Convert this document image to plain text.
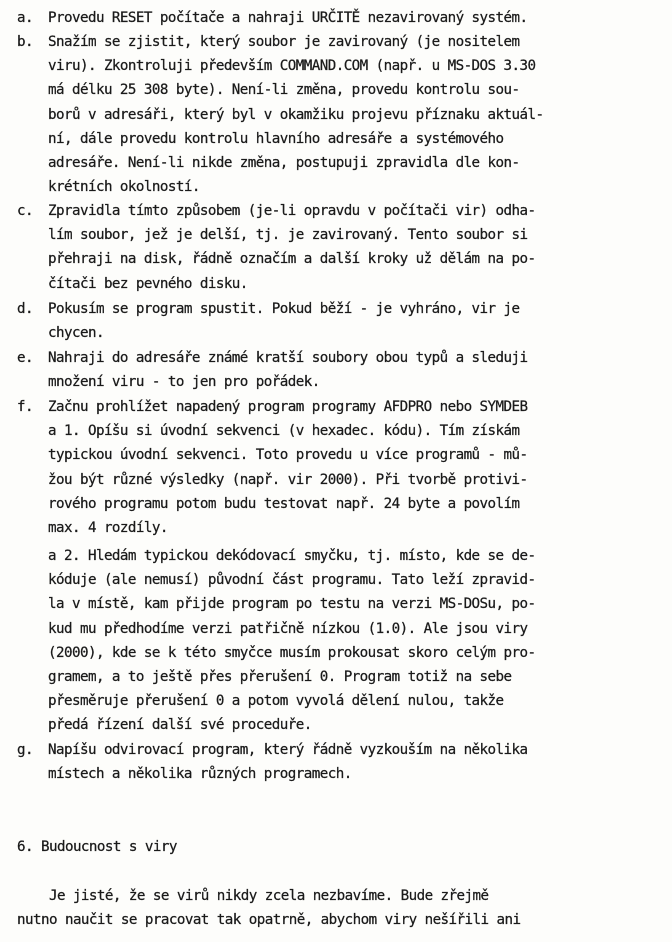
a.	Provedu RESET počítače a nahraji URČITĚ nezavirovaný systém.
b.	Snažím se zjistit, který soubor je zavirovaný (je nositelem
viru). Zkontroluji především COMMAND.COM (např. u MS-DOS 3.30
má délku 25 308 byte). Není-li změna, provedu kontrolu sou-
borů v adresáři, který byl v okamžiku projevu příznaku aktuál-
ní, dále provedu kontrolu hlavního adresáře a systémového
adresáře. Není-li nikde změna, postupuji zpravidla dle kon-
krétních okolností.
c.	Zpravidla tímto způsobem (je-li opravdu v počítači vir) odha-
lím soubor, jež je delší, tj. je zavirovaný. Tento soubor si
přehraji na disk, řádně označím a další kroky už dělám na po-
čítači bez pevného disku.
d.	Pokusím se program spustit. Pokud běží - je vyhráno, vir je
chycen.
e.	Nahraji do adresáře známé kratší soubory obou typů a sleduji
množení viru - to jen pro pořádek.
f.	Začnu prohlížet napadený program programy AFDPRO nebo SYMDEB
a 1. Opíšu si úvodní sekvenci (v hexadec. kódu). Tím získám
typickou úvodní sekvenci. Toto provedu u více programů - mů-
žou být různé výsledky (např. vir 2000). Při tvorbě protivi-
rového programu potom budu testovat např. 24 byte a povolím
max. 4 rozdíly.
a 2. Hledám typickou dekódovací smyčku, tj. místo, kde se de-
kóduje (ale nemusí) původní část programu. Tato leží zpravid-
la v místě, kam přijde program po testu na verzi MS-DOSu, po-
kud mu předhodíme verzi patřičně nízkou (1.0). Ale jsou viry
(2000), kde se k této smyčce musím prokousat skoro celým pro-
gramem, a to ještě přes přerušení 0. Program totiž na sebe
přesměruje přerušení 0 a potom vyvolá dělení nulou, takže
předá řízení další své proceduře.
g.	Napíšu odvirovací program, který řádně vyzkouším na několika
místech a několika různých programech.
6. Budoucnost s viry
Je jisté, že se virů nikdy zcela nezbavíme. Bude zřejmě
nutno naučit se pracovat tak opatrně, abychom viry nešířili ani
